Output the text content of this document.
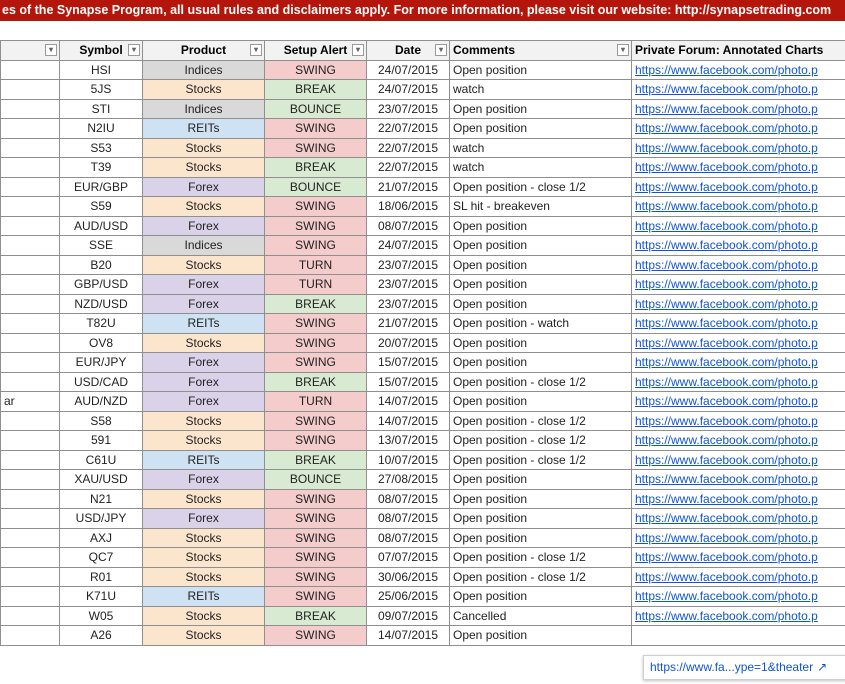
es of the Synapse Program, all usual rules and disclaimers apply. For more information, please visit our website: http://synapsetrading.com
▾	Symbol ▾	Product ▾	Setup Alert ▾	Date ▾	Comments ▾	Private Forum: Annotated Charts
	HSI	Indices	SWING	24/07/2015	Open position	https://www.facebook.com/photo.p
	5JS	Stocks	BREAK	24/07/2015	watch	https://www.facebook.com/photo.p
	STI	Indices	BOUNCE	23/07/2015	Open position	https://www.facebook.com/photo.p
	N2IU	REITs	SWING	22/07/2015	Open position	https://www.facebook.com/photo.p
	S53	Stocks	SWING	22/07/2015	watch	https://www.facebook.com/photo.p
	T39	Stocks	BREAK	22/07/2015	watch	https://www.facebook.com/photo.p
	EUR/GBP	Forex	BOUNCE	21/07/2015	Open position - close 1/2	https://www.facebook.com/photo.p
	S59	Stocks	SWING	18/06/2015	SL hit - breakeven	https://www.facebook.com/photo.p
	AUD/USD	Forex	SWING	08/07/2015	Open position	https://www.facebook.com/photo.p
	SSE	Indices	SWING	24/07/2015	Open position	https://www.facebook.com/photo.p
	B20	Stocks	TURN	23/07/2015	Open position	https://www.facebook.com/photo.p
	GBP/USD	Forex	TURN	23/07/2015	Open position	https://www.facebook.com/photo.p
	NZD/USD	Forex	BREAK	23/07/2015	Open position	https://www.facebook.com/photo.p
	T82U	REITs	SWING	21/07/2015	Open position - watch	https://www.facebook.com/photo.p
	OV8	Stocks	SWING	20/07/2015	Open position	https://www.facebook.com/photo.p
	EUR/JPY	Forex	SWING	15/07/2015	Open position	https://www.facebook.com/photo.p
	USD/CAD	Forex	BREAK	15/07/2015	Open position - close 1/2	https://www.facebook.com/photo.p
ar	AUD/NZD	Forex	TURN	14/07/2015	Open position	https://www.facebook.com/photo.p
	S58	Stocks	SWING	14/07/2015	Open position - close 1/2	https://www.facebook.com/photo.p
	591	Stocks	SWING	13/07/2015	Open position - close 1/2	https://www.facebook.com/photo.p
	C61U	REITs	BREAK	10/07/2015	Open position - close 1/2	https://www.facebook.com/photo.p
	XAU/USD	Forex	BOUNCE	27/08/2015	Open position	https://www.facebook.com/photo.p
	N21	Stocks	SWING	08/07/2015	Open position	https://www.facebook.com/photo.p
	USD/JPY	Forex	SWING	08/07/2015	Open position	https://www.facebook.com/photo.p
	AXJ	Stocks	SWING	08/07/2015	Open position	https://www.facebook.com/photo.p
	QC7	Stocks	SWING	07/07/2015	Open position - close 1/2	https://www.facebook.com/photo.p
	R01	Stocks	SWING	30/06/2015	Open position - close 1/2	https://www.facebook.com/photo.p
	K71U	REITs	SWING	25/06/2015	Open position	https://www.facebook.com/photo.p
	W05	Stocks	BREAK	09/07/2015	Cancelled	https://www.facebook.com/photo.p
	A26	Stocks	SWING	14/07/2015	Open position	
https://www.fa...ype=1&theater ↗
